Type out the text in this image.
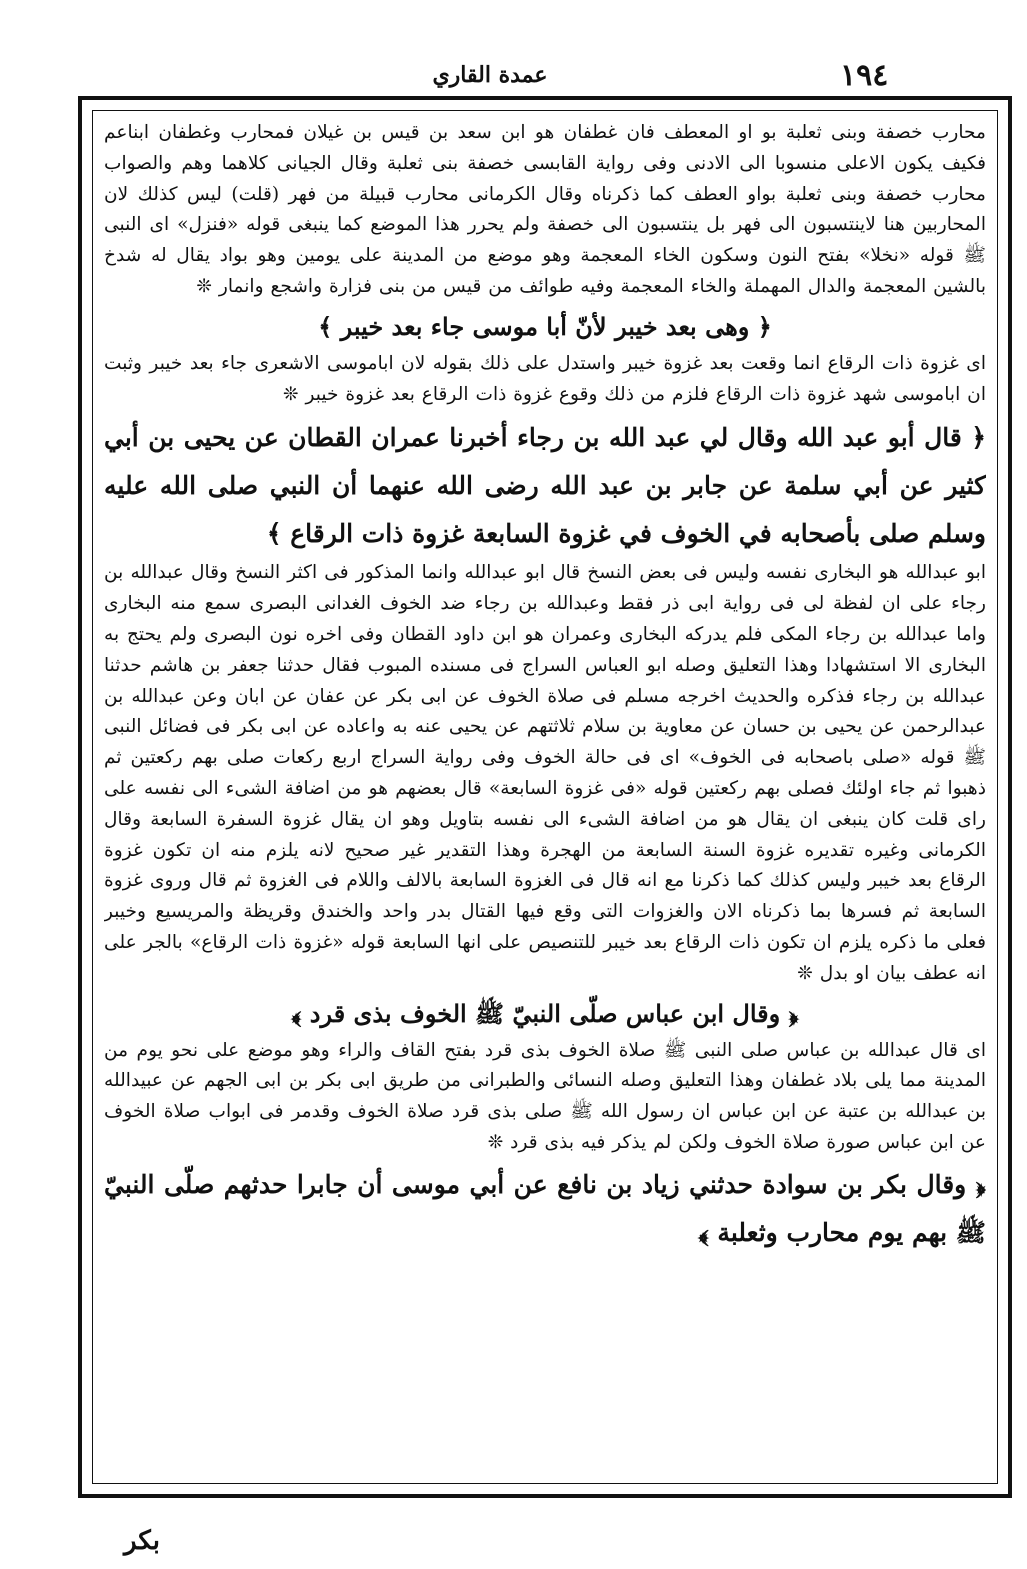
عمدة القاري	١٩٤

محارب خصفة وبنى ثعلبة بو او المعطف فان غطفان هو ابن سعد بن قيس بن غيلان فمحارب وغطفان ابناعم فكيف يكون الاعلى منسوبا الى الادنى وفى رواية القابسى خصفة بنى ثعلبة وقال الجيانى كلاهما وهم والصواب محارب خصفة وبنى ثعلبة بواو العطف كما ذكرناه وقال الكرمانى محارب قبيلة من فهر (قلت) ليس كذلك لان المحاربين هنا لاينتسبون الى فهر بل ينتسبون الى خصفة ولم يحرر هذا الموضع كما ينبغى قوله «فنزل» اى النبى ﷺ قوله «نخلا» بفتح النون وسكون الخاء المعجمة وهو موضع من المدينة على يومين وهو بواد يقال له شدخ بالشين المعجمة والدال المهملة والخاء المعجمة وفيه طوائف من قيس من بنى فزارة واشجع وانمار ❊

﴿ وهى بعد خيبر لأنّ أبا موسى جاء بعد خيبر ﴾

اى غزوة ذات الرقاع انما وقعت بعد غزوة خيبر واستدل على ذلك بقوله لان اباموسى الاشعرى جاء بعد خيبر وثبت ان اباموسى شهد غزوة ذات الرقاع فلزم من ذلك وقوع غزوة ذات الرقاع بعد غزوة خيبر ❊

﴿ قال أبو عبد الله وقال لي عبد الله بن رجاء أخبرنا عمران القطان عن يحيى بن أبي كثير عن أبي سلمة عن جابر بن عبد الله رضى الله عنهما أن النبي صلى الله عليه وسلم صلى بأصحابه في الخوف في غزوة السابعة غزوة ذات الرقاع ﴾

ابو عبدالله هو البخارى نفسه وليس فى بعض النسخ قال ابو عبدالله وانما المذكور فى اكثر النسخ وقال عبدالله بن رجاء على ان لفظة لى فى رواية ابى ذر فقط وعبدالله بن رجاء ضد الخوف الغدانى البصرى سمع منه البخارى واما عبدالله بن رجاء المكى فلم يدركه البخارى وعمران هو ابن داود القطان وفى اخره نون البصرى ولم يحتج به البخارى الا استشهادا وهذا التعليق وصله ابو العباس السراج فى مسنده المبوب فقال حدثنا جعفر بن هاشم حدثنا عبدالله بن رجاء فذكره والحديث اخرجه مسلم فى صلاة الخوف عن ابى بكر عن عفان عن ابان وعن عبدالله بن عبدالرحمن عن يحيى بن حسان عن معاوية بن سلام ثلاثتهم عن يحيى عنه به واعاده عن ابى بكر فى فضائل النبى ﷺ قوله «صلى باصحابه فى الخوف» اى فى حالة الخوف وفى رواية السراج اربع ركعات صلى بهم ركعتين ثم ذهبوا ثم جاء اولئك فصلى بهم ركعتين قوله «فى غزوة السابعة» قال بعضهم هو من اضافة الشىء الى نفسه على راى قلت كان ينبغى ان يقال هو من اضافة الشىء الى نفسه بتاويل وهو ان يقال غزوة السفرة السابعة وقال الكرمانى وغيره تقديره غزوة السنة السابعة من الهجرة وهذا التقدير غير صحيح لانه يلزم منه ان تكون غزوة الرقاع بعد خيبر وليس كذلك كما ذكرنا مع انه قال فى الغزوة السابعة بالالف واللام فى الغزوة ثم قال وروى غزوة السابعة ثم فسرها بما ذكرناه الان والغزوات التى وقع فيها القتال بدر واحد والخندق وقريظة والمريسيع وخيبر فعلى ما ذكره يلزم ان تكون ذات الرقاع بعد خيبر للتنصيص على انها السابعة قوله «غزوة ذات الرقاع» بالجر على انه عطف بيان او بدل ❊

﴿ وقال ابن عباس صلّى النبيّ ﷺ الخوف بذى قرد ﴾

اى قال عبدالله بن عباس صلى النبى ﷺ صلاة الخوف بذى قرد بفتح القاف والراء وهو موضع على نحو يوم من المدينة مما يلى بلاد غطفان وهذا التعليق وصله النسائى والطبرانى من طريق ابى بكر بن ابى الجهم عن عبيدالله بن عبدالله بن عتبة عن ابن عباس ان رسول الله ﷺ صلى بذى قرد صلاة الخوف وقدمر فى ابواب صلاة الخوف عن ابن عباس صورة صلاة الخوف ولكن لم يذكر فيه بذى قرد ❊

﴿ وقال بكر بن سوادة حدثني زياد بن نافع عن أبي موسى أن جابرا حدثهم صلّى النبيّ ﷺ بهم يوم محارب وثعلبة ﴾

بكر
